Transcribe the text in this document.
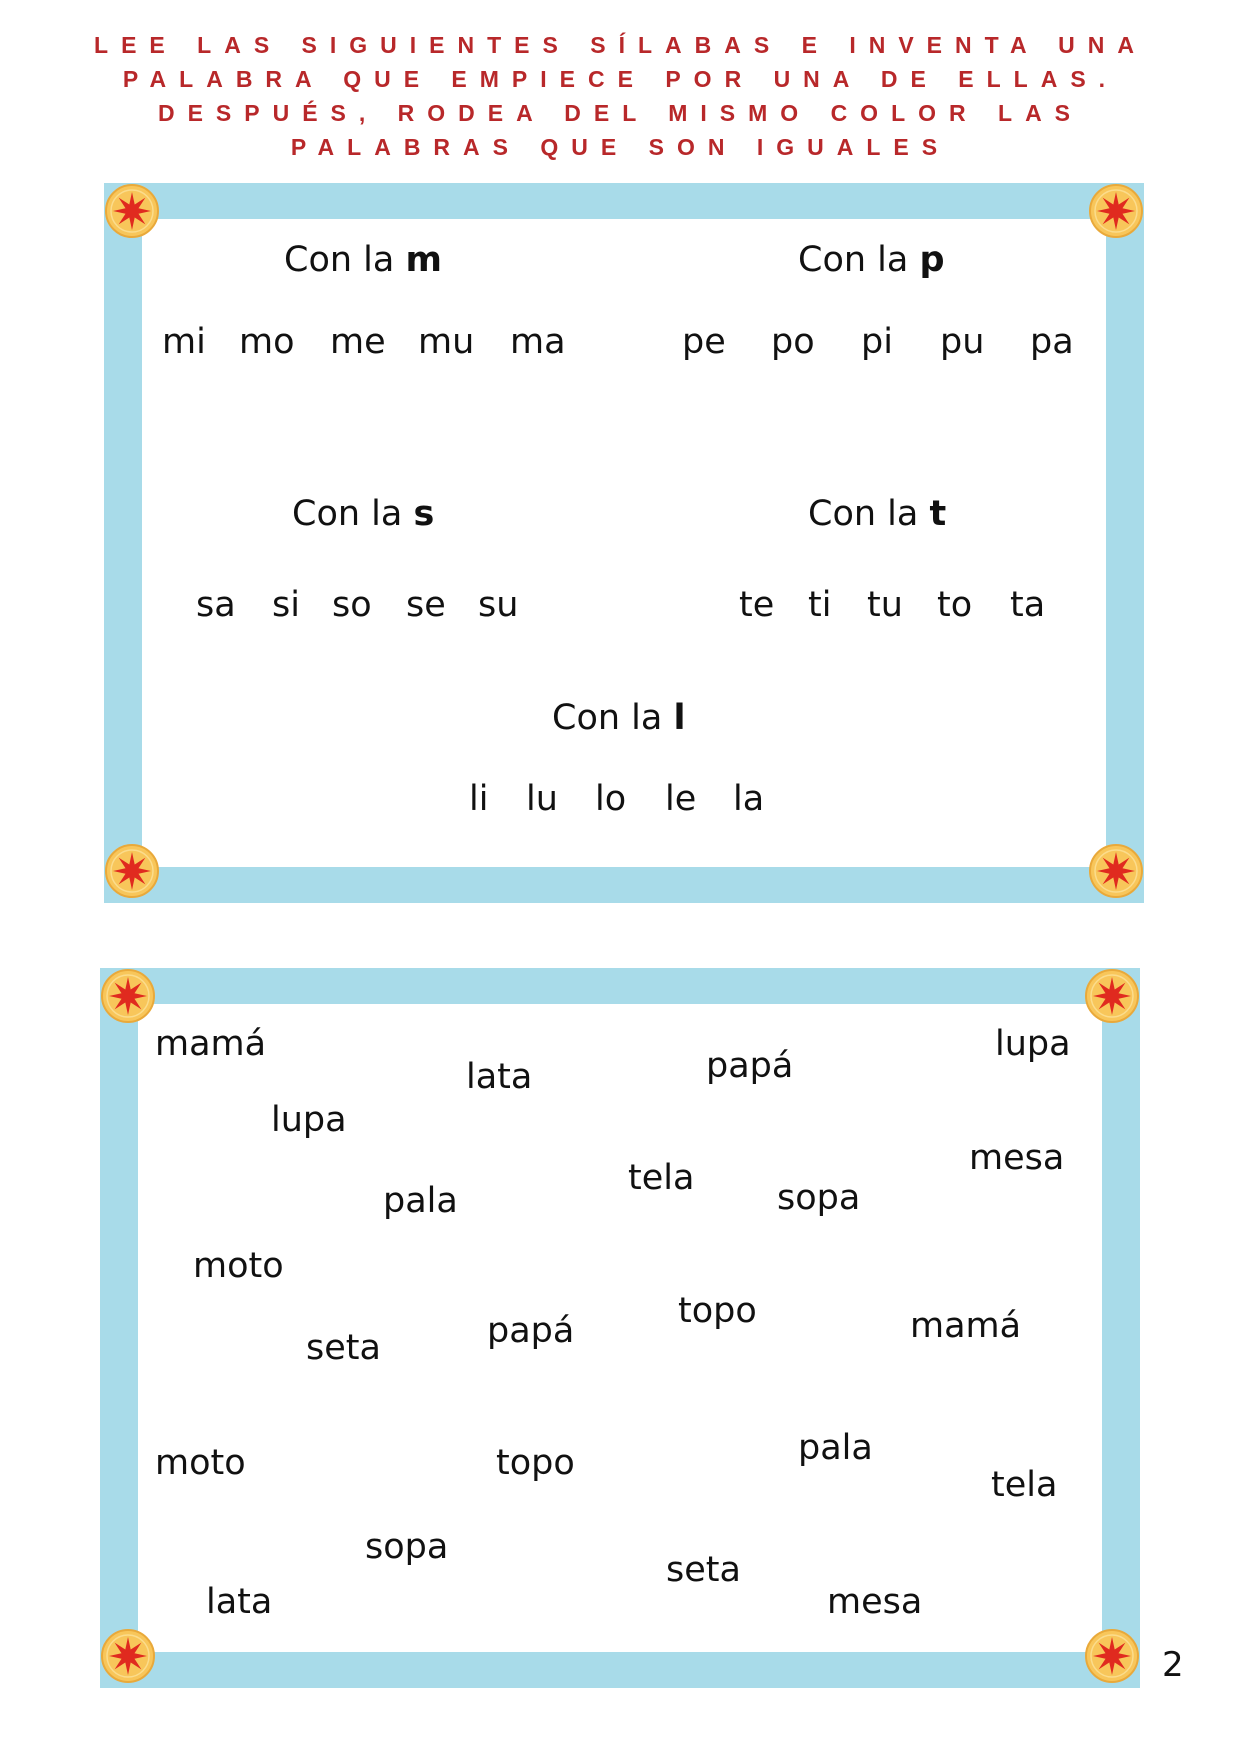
LEE LAS SIGUIENTES SÍLABAS E INVENTA UNA
PALABRA QUE EMPIECE POR UNA DE ELLAS.
DESPUÉS, RODEA DEL MISMO COLOR LAS
PALABRAS QUE SON IGUALES
Con la m
mi mo me mu ma
Con la p
pe po pi pu pa
Con la s
sa si so se su
Con la t
te ti tu to ta
Con la l
li lu lo le la
mamá
lata	papá
lupa
lupa
mesa
tela
pala	sopa
moto
topo
seta	papá	mamá
moto	topo	pala
tela
sopa
seta
lata	mesa
2
